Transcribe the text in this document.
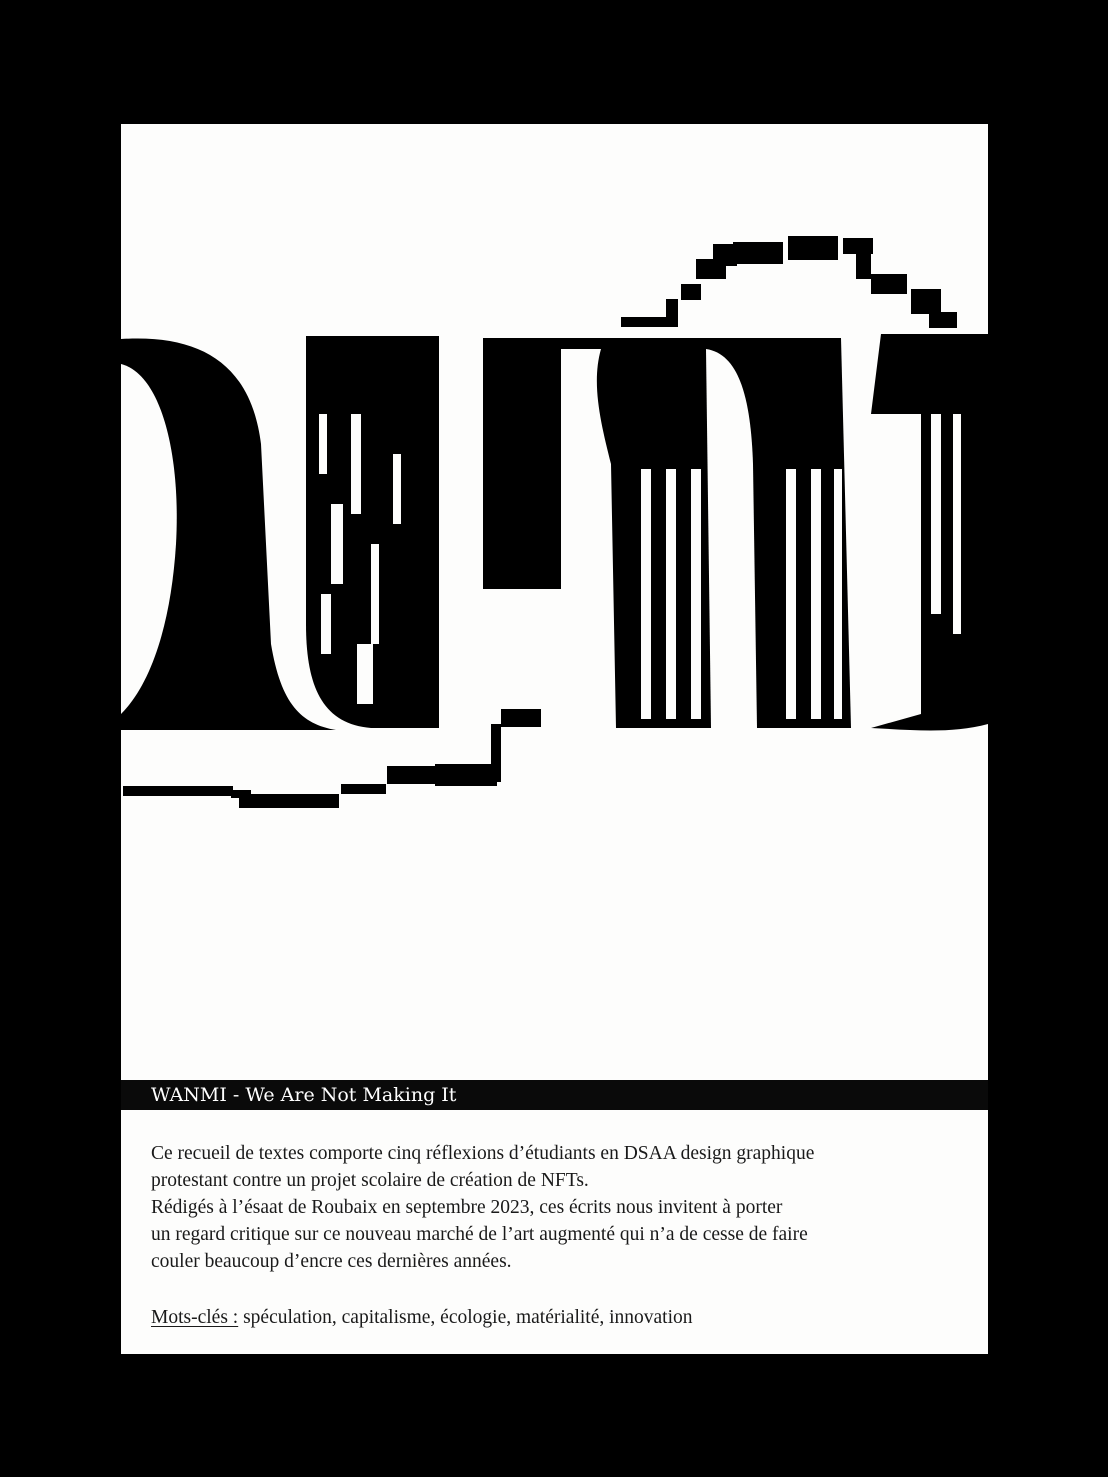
WANMI - We Are Not Making It

Ce recueil de textes comporte cinq réflexions d’étudiants en DSAA design graphique
protestant contre un projet scolaire de création de NFTs.
Rédigés à l’ésaat de Roubaix en septembre 2023, ces écrits nous invitent à porter
un regard critique sur ce nouveau marché de l’art augmenté qui n’a de cesse de faire
couler beaucoup d’encre ces dernières années.

Mots-clés : spéculation, capitalisme, écologie, matérialité, innovation
